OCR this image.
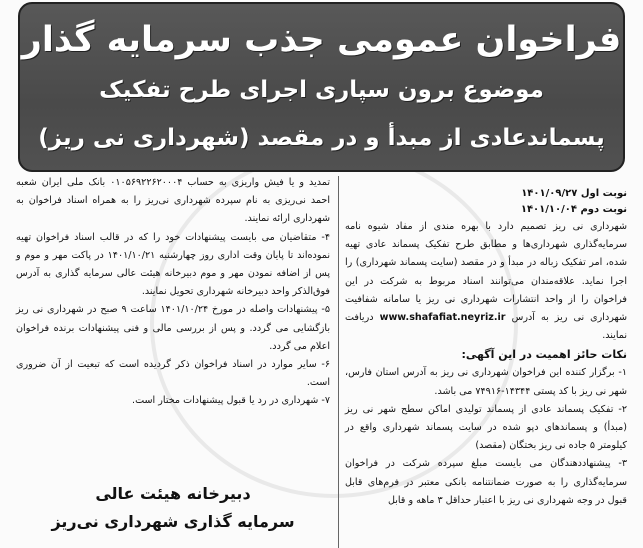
فراخوان عمومی جذب سرمایه گذار
موضوع برون سپاری اجرای طرح تفکیک پسماندعادی از مبدأ و در مقصد (شهرداری نی ریز)
نوبت اول ۱۴۰۱/۰۹/۲۷
نوبت دوم ۱۴۰۱/۱۰/۰۴

شهرداری نی ریز تصمیم دارد با بهره مندی از مفاد شیوه نامه سرمایه‌گذاری شهرداری‌ها و مطابق طرح تفکیک پسماند عادی تهیه شده، امر تفکیک زباله در مبدأ و در مقصد (سایت پسماند شهرداری) را اجرا نماید. علاقه‌مندان می‌توانند اسناد مربوط به شرکت در این فراخوان را از واحد انتشارات شهرداری نی ریز یا سامانه شفافیت شهرداری نی ریز به آدرس www.shafafiat.neyriz.ir دریافت نمایند.

نکات حائز اهمیت در این آگهی:

۱- برگزار کننده این فراخوان شهرداری نی ریز به آدرس استان فارس، شهر نی ریز با کد پستی ۱۴۳۴۴-۷۴۹۱۶ می باشد.

۲- تفکیک پسماند عادی از پسماند تولیدی اماکن سطح شهر نی ریز (مبدأ) و پسماندهای دپو شده در سایت پسماند شهرداری واقع در کیلومتر ۵ جاده نی ریز بختگان (مقصد)

۳- پیشنهاددهندگان می بایست مبلغ سپرده شرکت در فراخوان سرمایه‌گذاری را به صورت ضمانتنامه بانکی معتبر در فرم‌های قابل قبول در وجه شهرداری نی ریز با اعتبار حداقل ۳ ماهه و قابل

تمدید و یا فیش واریزی به حساب ۰۱۰۵۶۹۲۲۶۲۰۰۰۴ بانک ملی ایران شعبه احمد نی‌ریزی به نام سپرده شهرداری نی‌ریز را به همراه اسناد فراخوان به شهرداری ارائه نمایند.

۴- متقاضیان می بایست پیشنهادات خود را که در قالب اسناد فراخوان تهیه نموده‌اند تا پایان وقت اداری روز چهارشنبه ۱۴۰۱/۱۰/۲۱ در پاکت مهر و موم و پس از اضافه نمودن مهر و موم دبیرخانه هیئت عالی سرمایه گذاری به آدرس فوق‌الذکر واحد دبیرخانه شهرداری تحویل نمایند.

۵- پیشنهادات واصله در مورخ ۱۴۰۱/۱۰/۲۴ ساعت ۹ صبح در شهرداری نی ریز بازگشایی می گردد. و پس از بررسی مالی و فنی پیشنهادات برنده فراخوان اعلام می گردد.

۶- سایر موارد در اسناد فراخوان ذکر گردیده است که تبعیت از آن ضروری است.

۷- شهرداری در رد یا قبول پیشنهادات مختار است.

دبیرخانه هیئت عالی
سرمایه گذاری شهرداری نی‌ریز
